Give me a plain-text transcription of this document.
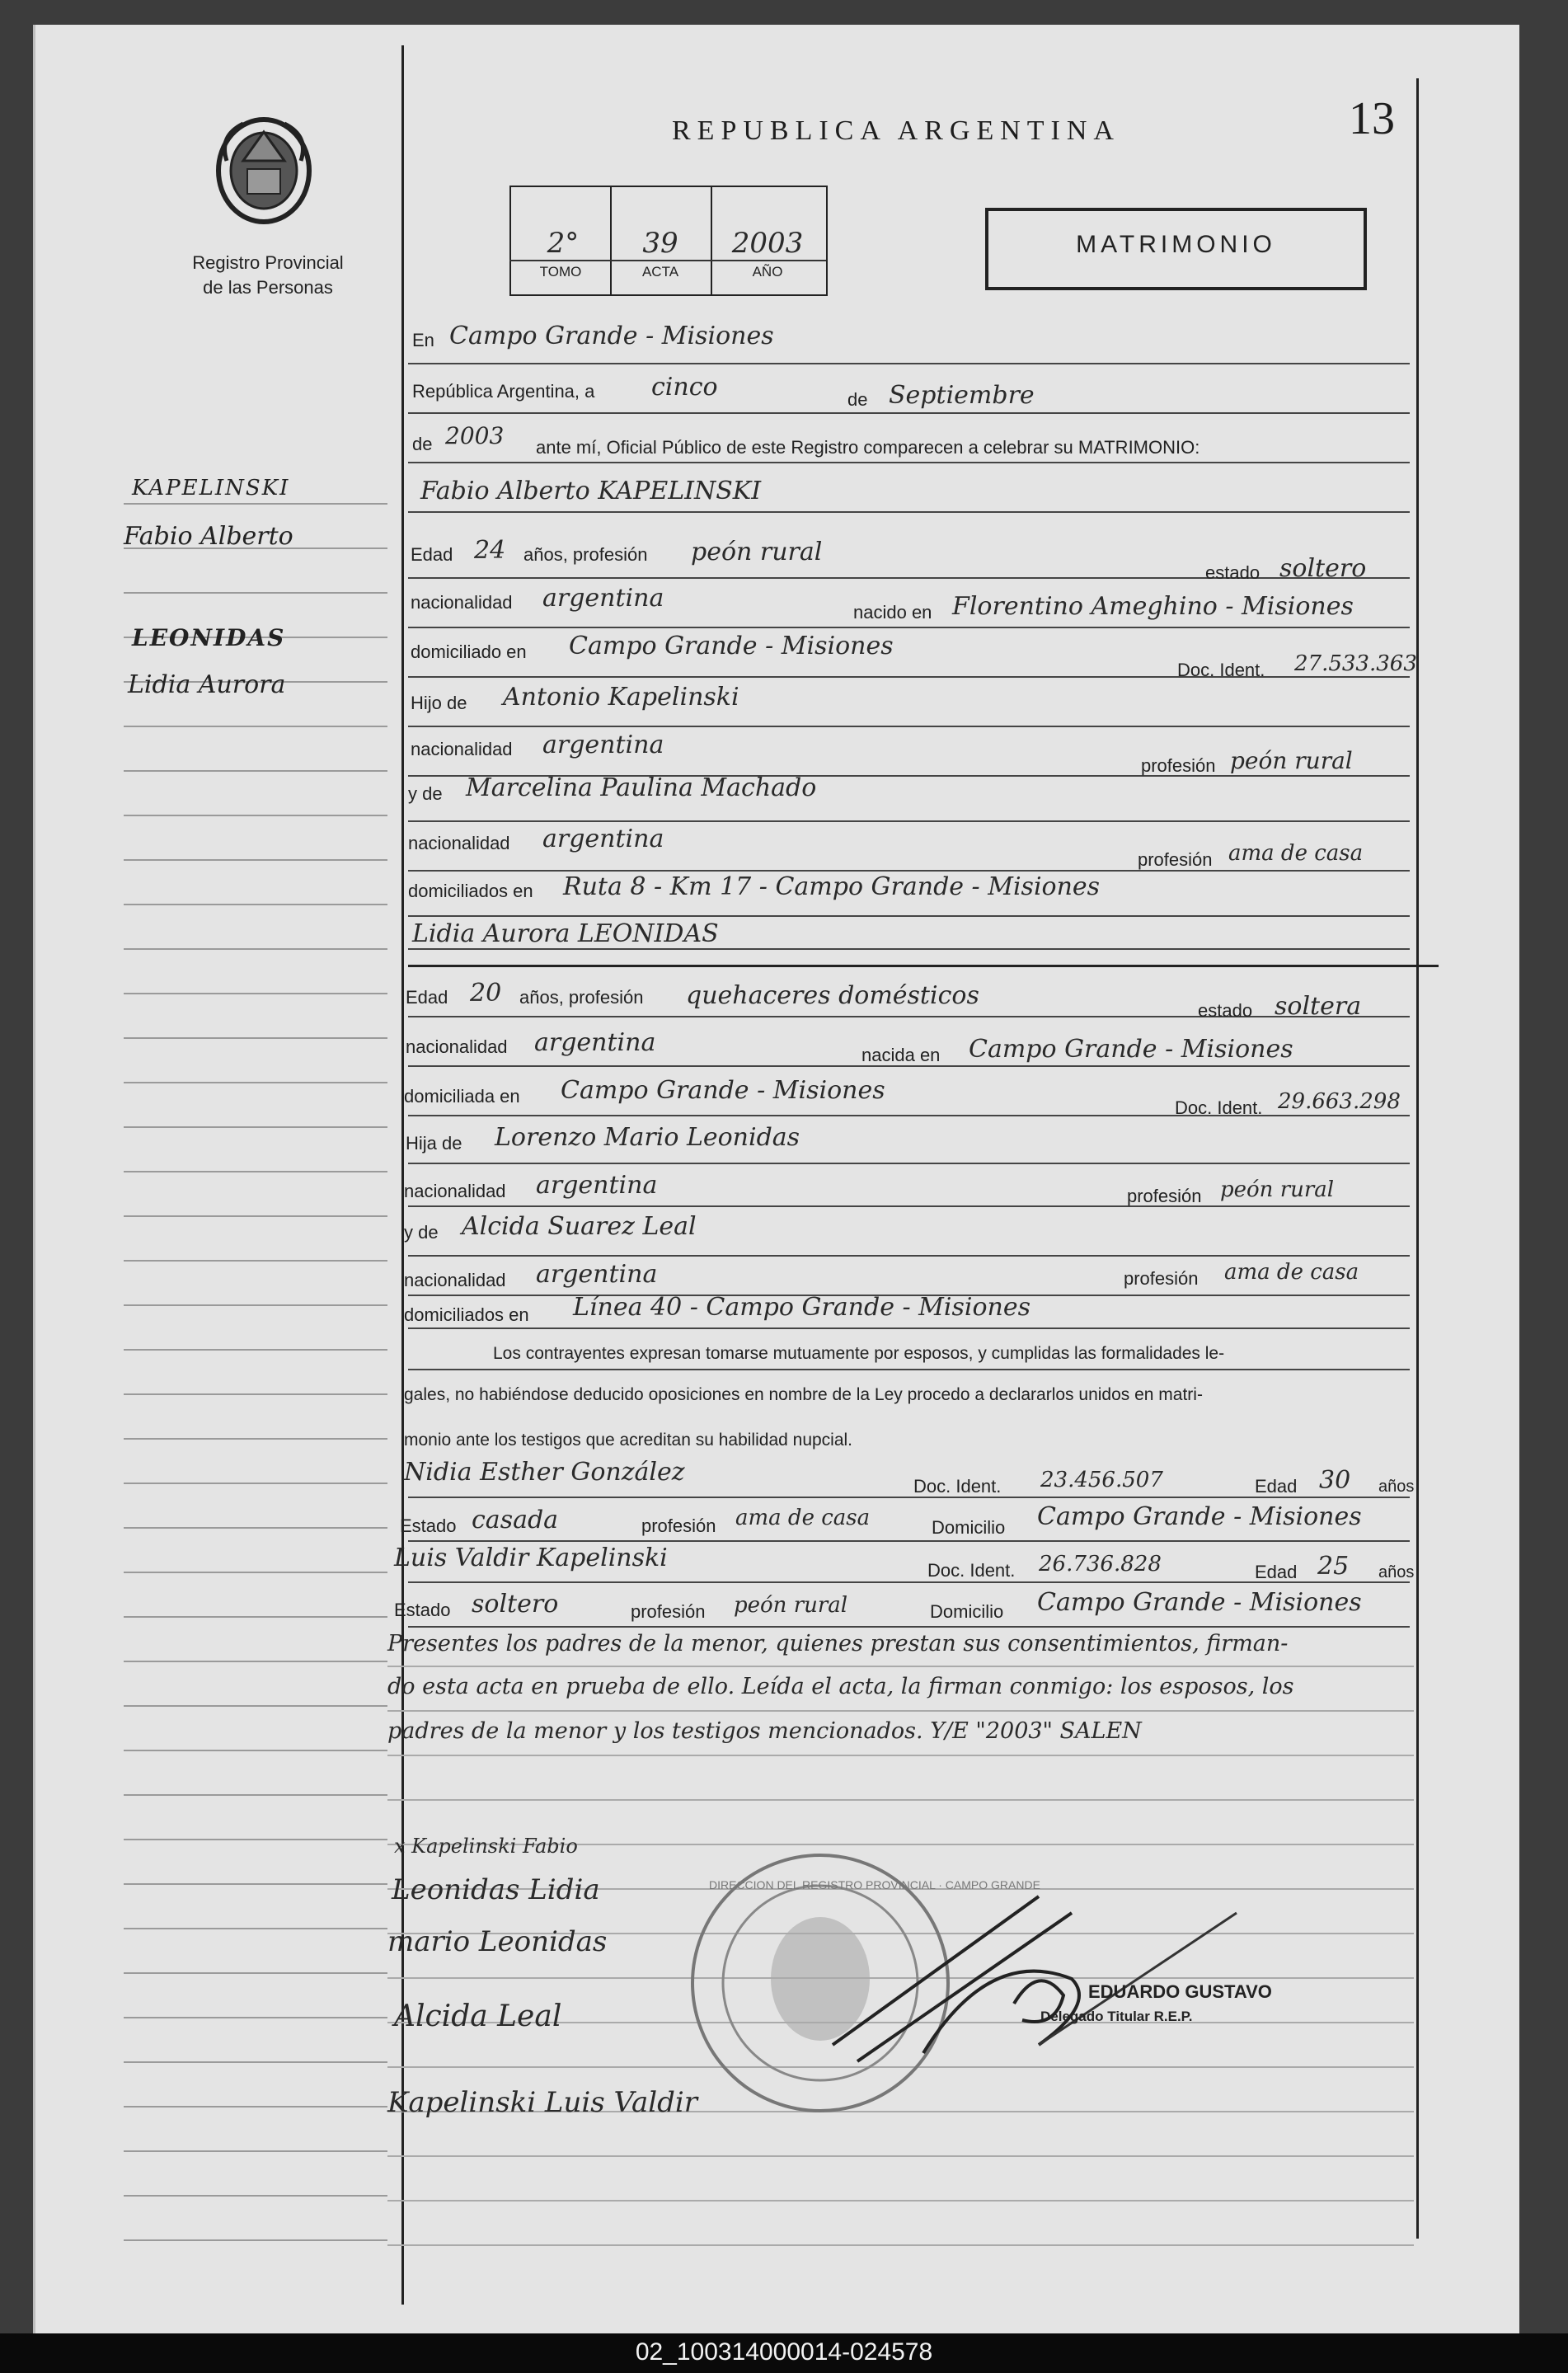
Registro Provincial
de las Personas
REPUBLICA ARGENTINA	13
2°	39	2003
TOMO	ACTA	AÑO
MATRIMONIO
KAPELINSKI
Fabio Alberto
LEONIDAS
Lidia Aurora
En Campo Grande - Misiones
República Argentina, a cinco	de Septiembre
de 2003 ante mí, Oficial Público de este Registro comparecen a celebrar su MATRIMONIO:
Fabio Alberto KAPELINSKI
Edad 24 años, profesión peón rural
estado soltero
nacionalidad argentina	nacido en Florentino Ameghino - Misiones
domiciliado en Campo Grande - Misiones
Doc. Ident. 27.533.363
Hijo de Antonio Kapelinski
nacionalidad argentina
profesión peón rural
y de Marcelina Paulina Machado
nacionalidad argentina
profesión ama de casa
domiciliados en Ruta 8 - Km 17 - Campo Grande - Misiones
Lidia Aurora LEONIDAS
Edad 20 años, profesión quehaceres domésticos
estado soltera
nacionalidad argentina	nacida en Campo Grande - Misiones
domiciliada en Campo Grande - Misiones
Doc. Ident. 29.663.298
Hija de Lorenzo Mario Leonidas
nacionalidad argentina	profesión peón rural
y de Alcida Suarez Leal
nacionalidad argentina	profesión ama de casa
domiciliados en Línea 40 - Campo Grande - Misiones
Los contrayentes expresan tomarse mutuamente por esposos, y cumplidas las formalidades le-
gales, no habiéndose deducido oposiciones en nombre de la Ley procedo a declararlos unidos en matri-
monio ante los testigos que acreditan su habilidad nupcial.
Nidia Esther González	Doc. Ident. 23.456.507	Edad 30 años
Estado casada	profesión ama de casa	Domicilio Campo Grande - Misiones
Luis Valdir Kapelinski	Doc. Ident. 26.736.828	Edad 25 años
Estado soltero	profesión peón rural	Domicilio Campo Grande - Misiones
Presentes los padres de la menor, quienes prestan sus consentimientos, firman-
do esta acta en prueba de ello. Leída el acta, la firman conmigo: los esposos, los
padres de la menor y los testigos mencionados. Y/E "2003" SALEN
DIRECCION DEL REGISTRO PROVINCIAL · CAMPO GRANDE
x Kapelinski Fabio
Leonidas Lidia
mario Leonidas
Alcida Leal
Kapelinski Luis Valdir
EDUARDO GUSTAVO
Delegado Titular R.E.P.
02_100314000014-024578
